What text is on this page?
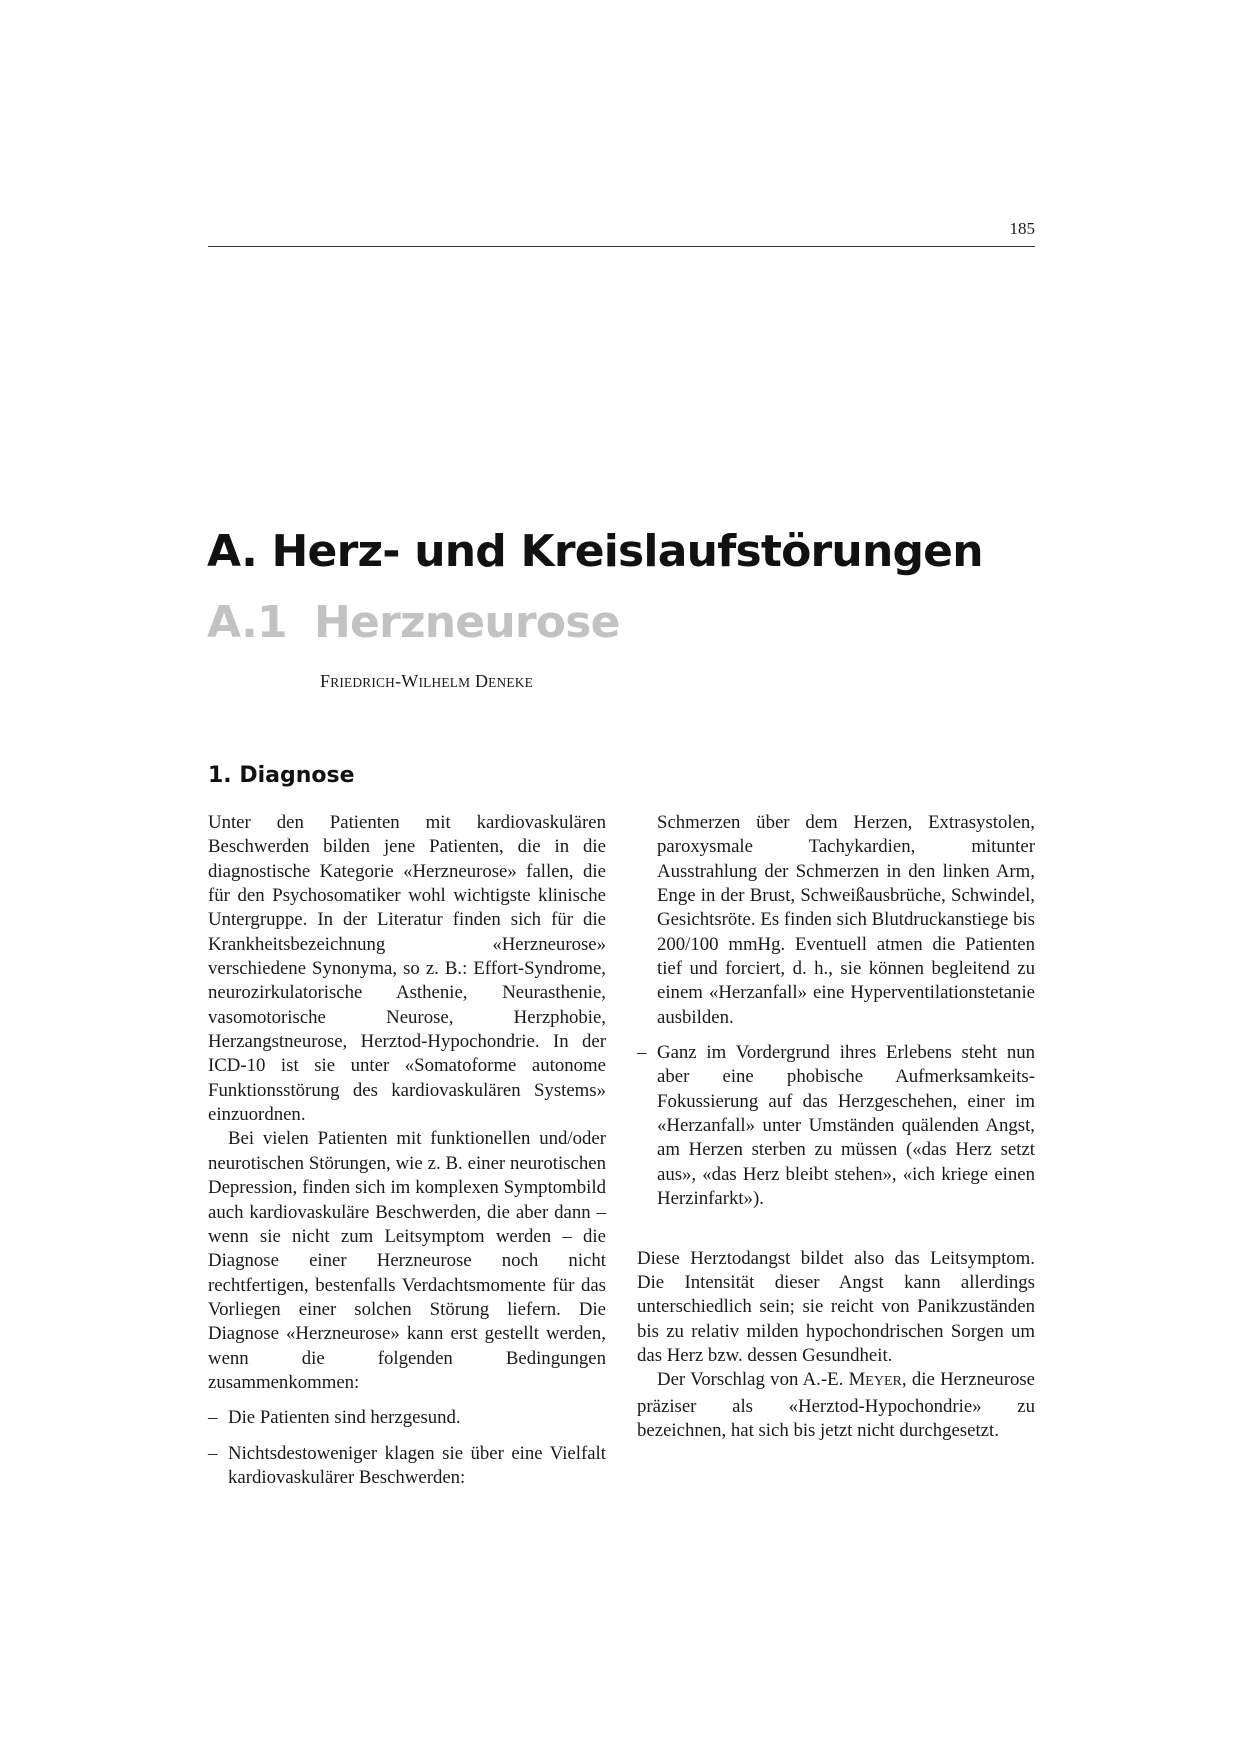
185
A. Herz- und Kreislaufstörungen
A.1 Herzneurose
FRIEDRICH-WILHELM DENEKE
1. Diagnose

Unter den Patienten mit kardiovaskulären Beschwerden bilden jene Patienten, die in die diagnostische Kategorie «Herzneurose» fallen, die für den Psychosomatiker wohl wichtigste klinische Untergruppe. In der Literatur finden sich für die Krankheitsbezeichnung «Herzneurose» verschiedene Synonyma, so z. B.: Effort-Syndrome, neurozirkulatorische Asthenie, Neurasthenie, vasomotorische Neurose, Herzphobie, Herzangstneurose, Herztod-Hypochondrie. In der ICD-10 ist sie unter «Somatoforme autonome Funktionsstörung des kardiovaskulären Systems» einzuordnen.

Bei vielen Patienten mit funktionellen und/oder neurotischen Störungen, wie z. B. einer neurotischen Depression, finden sich im komplexen Symptombild auch kardiovaskuläre Beschwerden, die aber dann – wenn sie nicht zum Leitsymptom werden – die Diagnose einer Herzneurose noch nicht rechtfertigen, bestenfalls Verdachtsmomente für das Vorliegen einer solchen Störung liefern. Die Diagnose «Herzneurose» kann erst gestellt werden, wenn die folgenden Bedingungen zusammenkommen:

– Die Patienten sind herzgesund.
– Nichtsdestoweniger klagen sie über eine Vielfalt kardiovaskulärer Beschwerden:

Schmerzen über dem Herzen, Extrasystolen, paroxysmale Tachykardien, mitunter Ausstrahlung der Schmerzen in den linken Arm, Enge in der Brust, Schweißausbrüche, Schwindel, Gesichtsröte. Es finden sich Blutdruckanstiege bis 200/100 mmHg. Eventuell atmen die Patienten tief und forciert, d. h., sie können begleitend zu einem «Herzanfall» eine Hyperventilationstetanie ausbilden.

– Ganz im Vordergrund ihres Erlebens steht nun aber eine phobische Aufmerksamkeits-Fokussierung auf das Herzgeschehen, einer im «Herzanfall» unter Umständen quälenden Angst, am Herzen sterben zu müssen («das Herz setzt aus», «das Herz bleibt stehen», «ich kriege einen Herzinfarkt»).

Diese Herztodangst bildet also das Leitsymptom. Die Intensität dieser Angst kann allerdings unterschiedlich sein; sie reicht von Panikzuständen bis zu relativ milden hypochondrischen Sorgen um das Herz bzw. dessen Gesundheit.

Der Vorschlag von A.-E. MEYER, die Herzneurose präziser als «Herztod-Hypochondrie» zu bezeichnen, hat sich bis jetzt nicht durchgesetzt.
